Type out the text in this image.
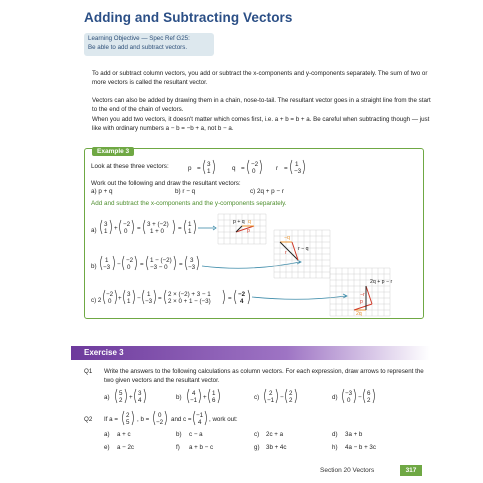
Adding and Subtracting Vectors
Learning Objective — Spec Ref G25:
Be able to add and subtract vectors.
To add or subtract column vectors, you add or subtract the x-components and y-components separately. The sum of two or more vectors is called the resultant vector.
Vectors can also be added by drawing them in a chain, nose-to-tail. The resultant vector goes in a straight line from the start to the end of the chain of vectors.
When you add two vectors, it doesn't matter which comes first, i.e. a + b = b + a. Be careful when subtracting though — just like with ordinary numbers a − b = −b + a, not b − a.
Example 3
Look at these three vectors:	p =
3
1	q =
−2
0	r =
1
−3
Work out the following and draw the resultant vectors:
a) p + q	b) r − q	c) 2q + p − r
Add and subtract the x-components and the y-components separately.
a)
3
1 +
−2
0 =
3 + (−2)
1 + 0 =
1
1
b)
1
−3 −
−2
0 =
1 − (−2)
−3 − 0 =
3
−3
c) 2
−2
0 +
3
1 −
1
−3 =
2 × (−2) + 3 − 1
2 × 0 + 1 − (−3)	=
−2
4
p + q
p
q
−q
r − q
r
2q + p − r
p
−r
2q
Exercise 3
Q1 Write the answers to the following calculations as column vectors. For each expression, draw arrows to represent the two given vectors and the resultant vector.
a)
5
2 +
3
4	b)
4
−1 +
1
6	c)
2
−1 −
2
2	d)
−3
0 −
6
2
Q2 If a =
2
5 , b =
0
−2 and c =
−1
4 , work out:
a) a + c	b) c − a	c) 2c + a	d) 3a + b
e) a − 2c	f) a + b − c	g) 3b + 4c	h) 4a − b + 3c
Section 20 Vectors	317
